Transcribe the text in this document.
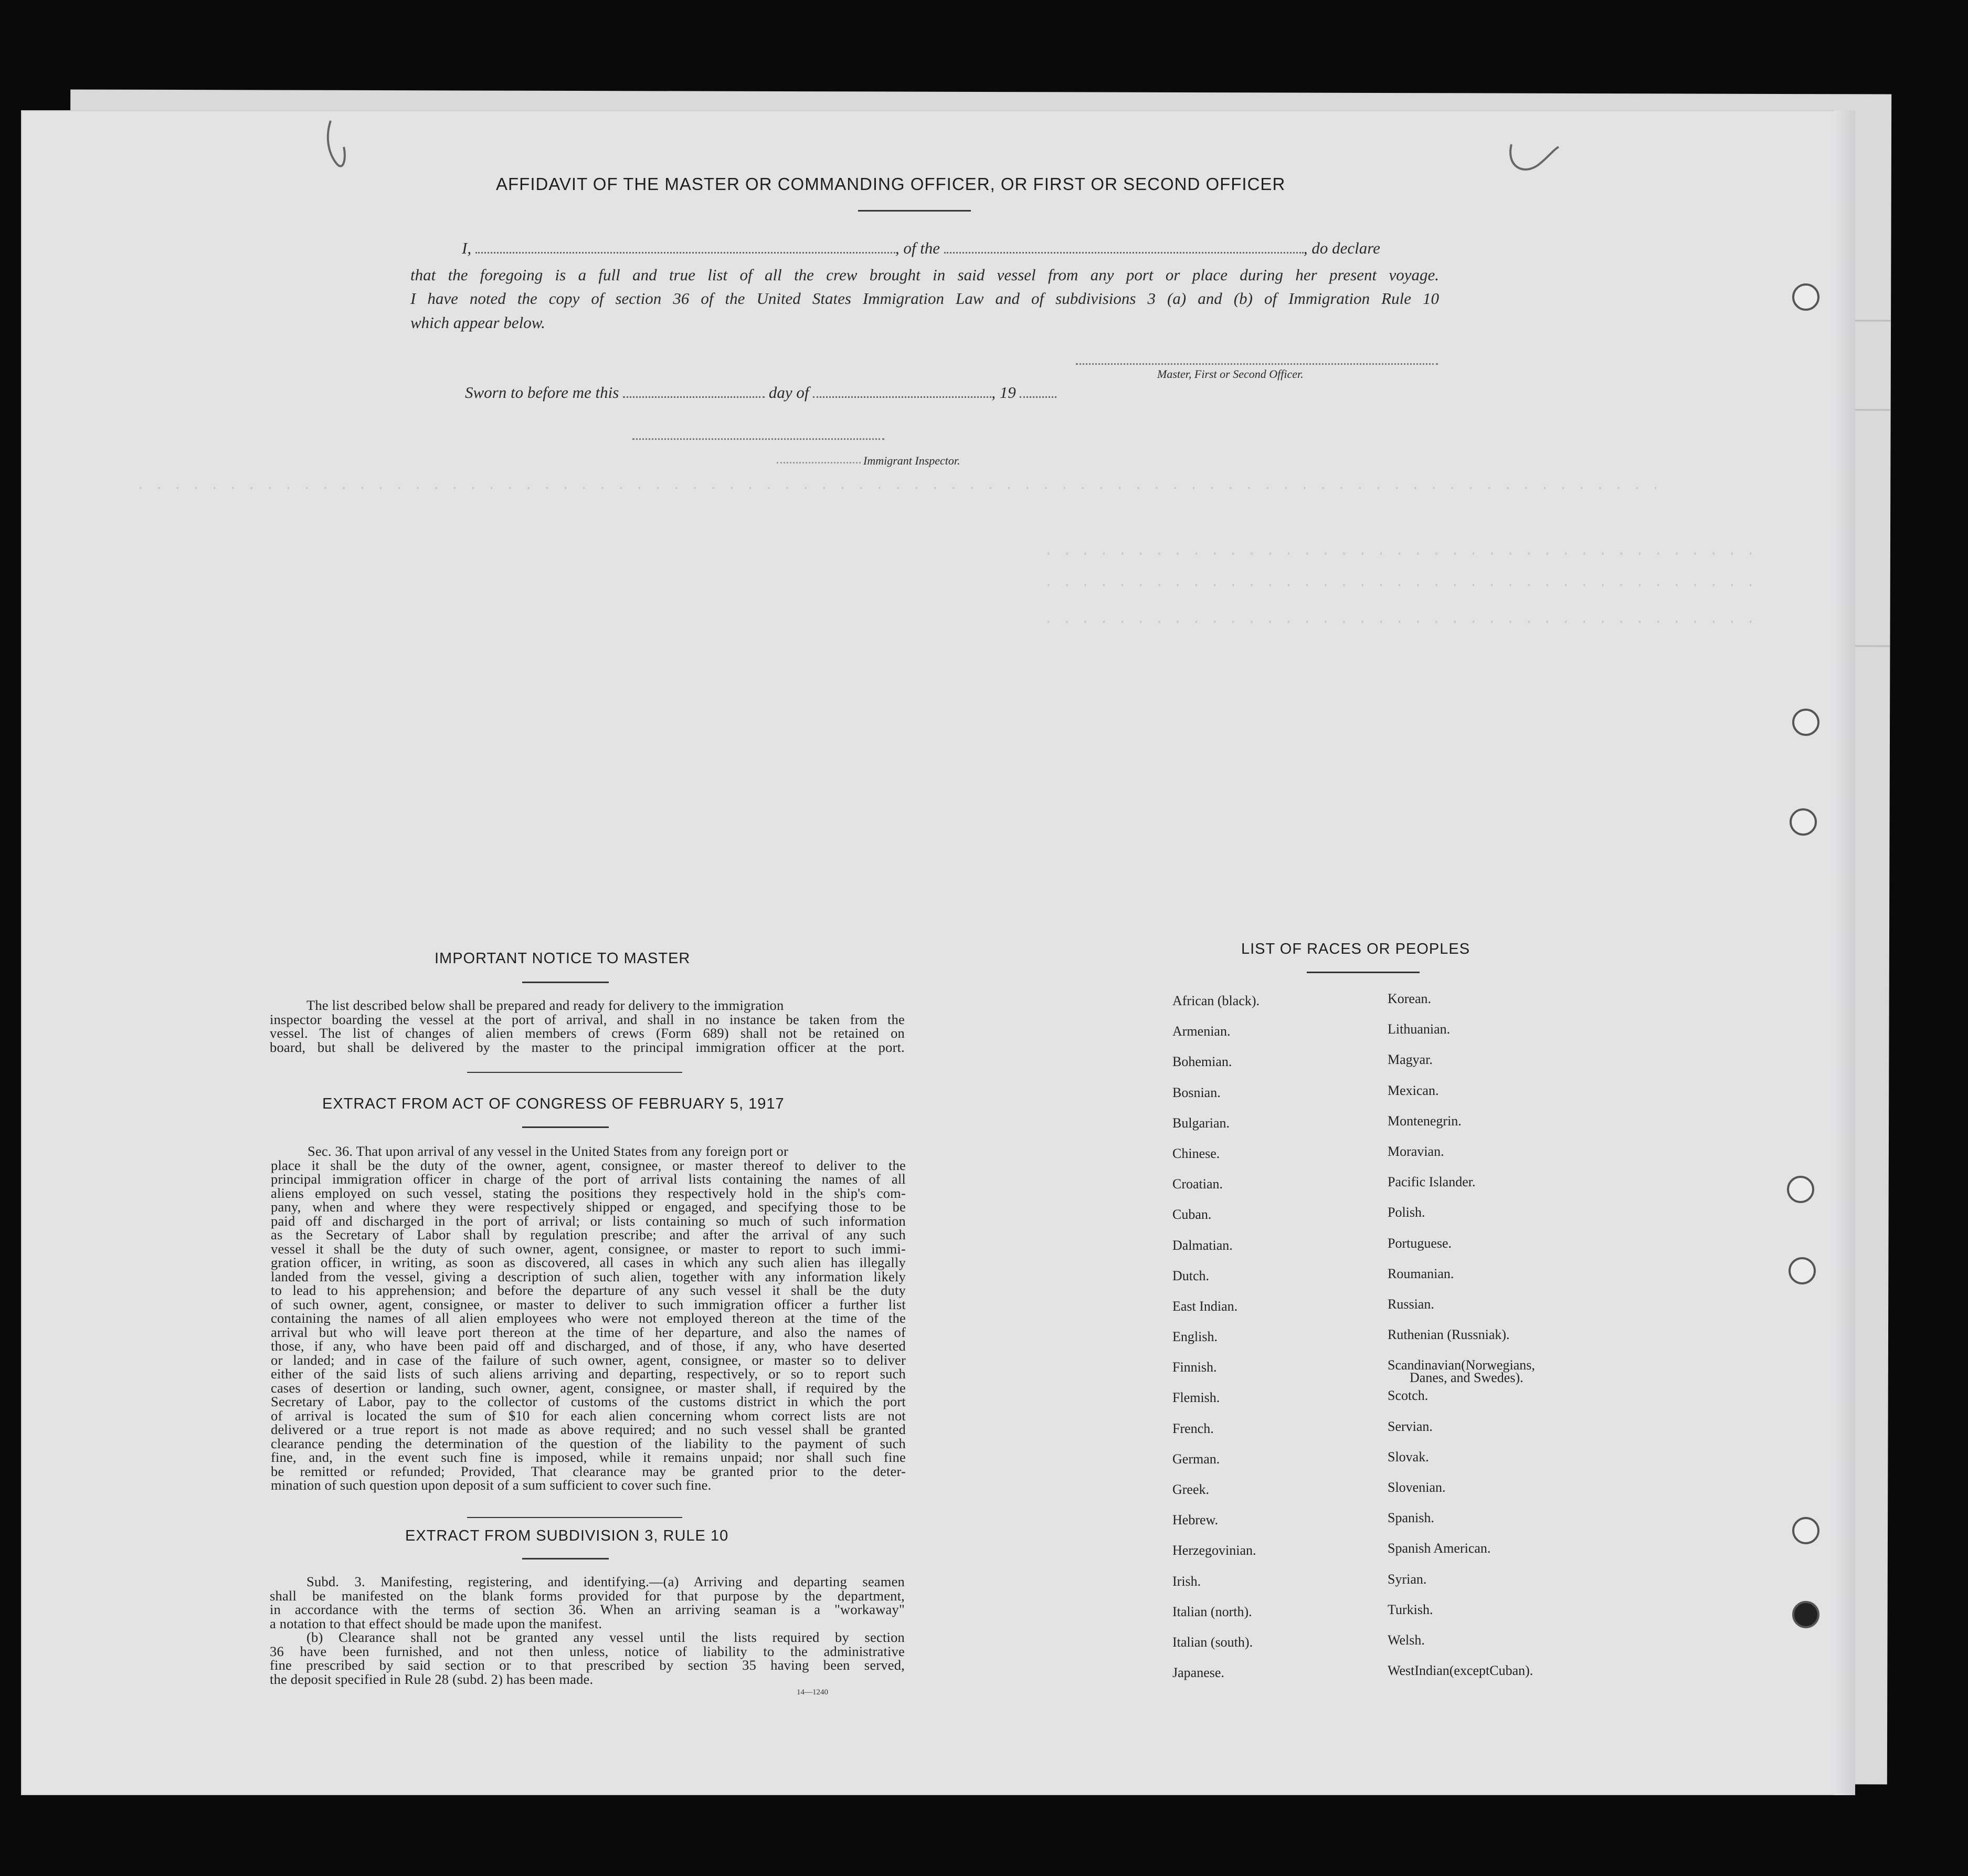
· · · · · · · · · · · · · · · · · · · · · · · · · · · · · · · · · · · · · · · · · · · · · · · · · · · · · · · · · · · · · · · · · · · · · · · · · · · · · · · · · · ·
· · · · · · · · · · · · · · · · · · · · · · · · · · · · · · · · · · · · · · ·
· · · · · · · · · · · · · · · · · · · · · · · · · · · · · · · · · · · · · · ·
· · · · · · · · · · · · · · · · · · · · · · · · · · · · · · · · · · · · · · ·
AFFIDAVIT OF THE MASTER OR COMMANDING OFFICER, OR FIRST OR SECOND OFFICER
I,	, of the	, do declare
that the foregoing is a full and true list of all the crew brought in said vessel from any port or place during her present voyage.
I have noted the copy of section 36 of the United States Immigration Law and of subdivisions 3 (a) and (b) of Immigration Rule 10
which appear below.
Master, First or Second Officer.
Sworn to before me this	day of	, 19
Immigrant Inspector.
IMPORTANT NOTICE TO MASTER
The list described below shall be prepared and ready for delivery to the immigration
inspector boarding the vessel at the port of arrival, and shall in no instance be taken from the
vessel. The list of changes of alien members of crews (Form 689) shall not be retained on
board, but shall be delivered by the master to the principal immigration officer at the port.
EXTRACT FROM ACT OF CONGRESS OF FEBRUARY 5, 1917
Sec. 36. That upon arrival of any vessel in the United States from any foreign port or
place it shall be the duty of the owner, agent, consignee, or master thereof to deliver to the
principal immigration officer in charge of the port of arrival lists containing the names of all
aliens employed on such vessel, stating the positions they respectively hold in the ship's com-
pany, when and where they were respectively shipped or engaged, and specifying those to be
paid off and discharged in the port of arrival; or lists containing so much of such information
as the Secretary of Labor shall by regulation prescribe; and after the arrival of any such
vessel it shall be the duty of such owner, agent, consignee, or master to report to such immi-
gration officer, in writing, as soon as discovered, all cases in which any such alien has illegally
landed from the vessel, giving a description of such alien, together with any information likely
to lead to his apprehension; and before the departure of any such vessel it shall be the duty
of such owner, agent, consignee, or master to deliver to such immigration officer a further list
containing the names of all alien employees who were not employed thereon at the time of the
arrival but who will leave port thereon at the time of her departure, and also the names of
those, if any, who have been paid off and discharged, and of those, if any, who have deserted
or landed; and in case of the failure of such owner, agent, consignee, or master so to deliver
either of the said lists of such aliens arriving and departing, respectively, or so to report such
cases of desertion or landing, such owner, agent, consignee, or master shall, if required by the
Secretary of Labor, pay to the collector of customs of the customs district in which the port
of arrival is located the sum of $10 for each alien concerning whom correct lists are not
delivered or a true report is not made as above required; and no such vessel shall be granted
clearance pending the determination of the question of the liability to the payment of such
fine, and, in the event such fine is imposed, while it remains unpaid; nor shall such fine
be remitted or refunded; Provided, That clearance may be granted prior to the deter-
mination of such question upon deposit of a sum sufficient to cover such fine.
EXTRACT FROM SUBDIVISION 3, RULE 10
Subd. 3. Manifesting, registering, and identifying.—(a) Arriving and departing seamen
shall be manifested on the blank forms provided for that purpose by the department,
in accordance with the terms of section 36. When an arriving seaman is a "workaway"
a notation to that effect should be made upon the manifest.
(b) Clearance shall not be granted any vessel until the lists required by section
36 have been furnished, and not then unless, notice of liability to the administrative
fine prescribed by said section or to that prescribed by section 35 having been served,
the deposit specified in Rule 28 (subd. 2) has been made.
14—1240
LIST OF RACES OR PEOPLES
African (black).
Armenian.
Bohemian.
Bosnian.
Bulgarian.
Chinese.
Croatian.
Cuban.
Dalmatian.
Dutch.
East Indian.
English.
Finnish.
Flemish.
French.
German.
Greek.
Hebrew.
Herzegovinian.
Irish.
Italian (north).
Italian (south).
Japanese.
Korean.
Lithuanian.
Magyar.
Mexican.
Montenegrin.
Moravian.
Pacific Islander.
Polish.
Portuguese.
Roumanian.
Russian.
Ruthenian (Russniak).
Scandinavian(Norwegians,
Danes, and Swedes).
Scotch.
Servian.
Slovak.
Slovenian.
Spanish.
Spanish American.
Syrian.
Turkish.
Welsh.
WestIndian(exceptCuban).
